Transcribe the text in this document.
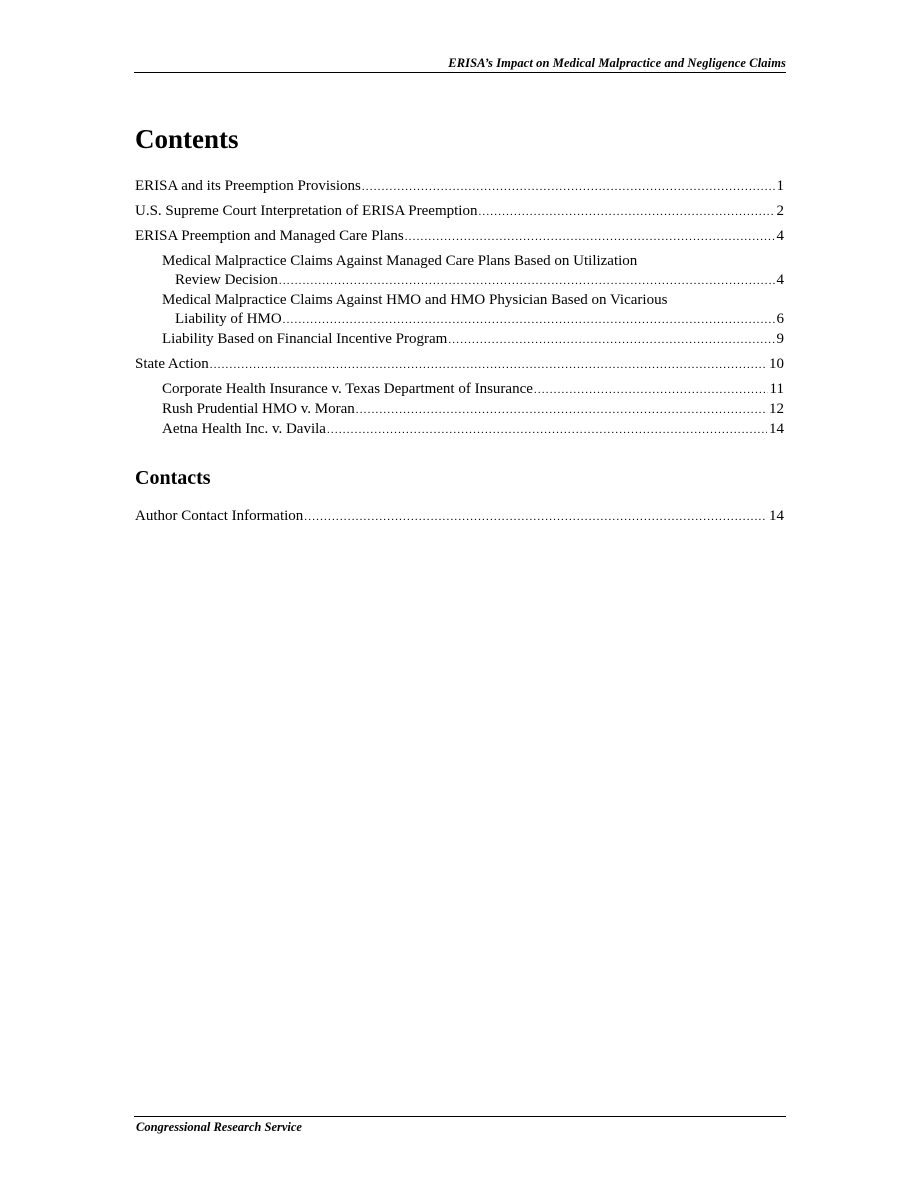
ERISA’s Impact on Medical Malpractice and Negligence Claims
Contents
ERISA and its Preemption Provisions .....	1
U.S. Supreme Court Interpretation of ERISA Preemption .....	2
ERISA Preemption and Managed Care Plans .....	4
Medical Malpractice Claims Against Managed Care Plans Based on Utilization
Review Decision .....	4
Medical Malpractice Claims Against HMO and HMO Physician Based on Vicarious
Liability of HMO .....	6
Liability Based on Financial Incentive Program .....	9
State Action .....	10
Corporate Health Insurance v. Texas Department of Insurance .....	11
Rush Prudential HMO v. Moran .....	12
Aetna Health Inc. v. Davila .....	14
Contacts
Author Contact Information .....	14
Congressional Research Service
